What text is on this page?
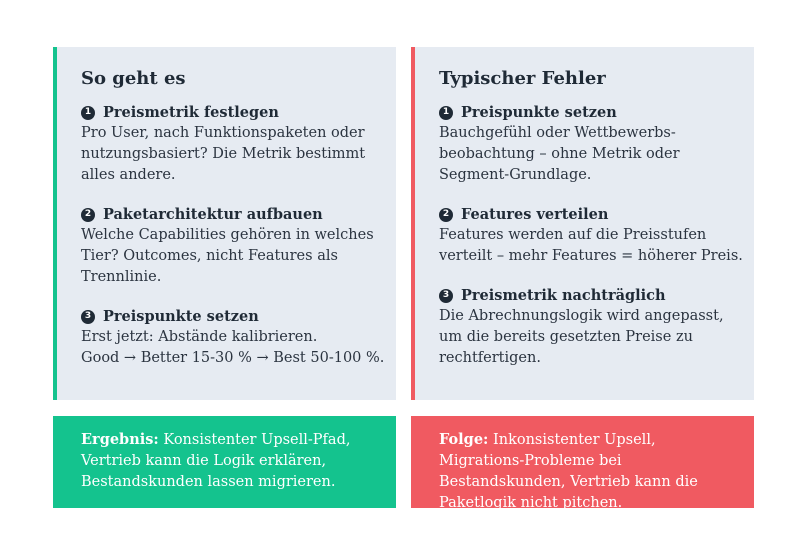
So geht es
1 Preismetrik festlegen
Pro User, nach Funktionspaketen oder
nutzungsbasiert? Die Metrik bestimmt
alles andere.
2 Paketarchitektur aufbauen
Welche Capabilities gehören in welches
Tier? Outcomes, nicht Features als
Trennlinie.
3 Preispunkte setzen
Erst jetzt: Abstände kalibrieren.
Good → Better 15-30 % → Best 50-100 %.
Typischer Fehler
1 Preispunkte setzen
Bauchgefühl oder Wettbewerbs-
beobachtung – ohne Metrik oder
Segment-Grundlage.
2 Features verteilen
Features werden auf die Preisstufen
verteilt – mehr Features = höherer Preis.
3 Preismetrik nachträglich
Die Abrechnungslogik wird angepasst,
um die bereits gesetzten Preise zu
rechtfertigen.
Ergebnis: Konsistenter Upsell-Pfad, Vertrieb kann die Logik erklären, Bestandskunden lassen migrieren.
Folge: Inkonsistenter Upsell, Migrations-Probleme bei Bestandskunden, Vertrieb kann die Paketlogik nicht pitchen.
